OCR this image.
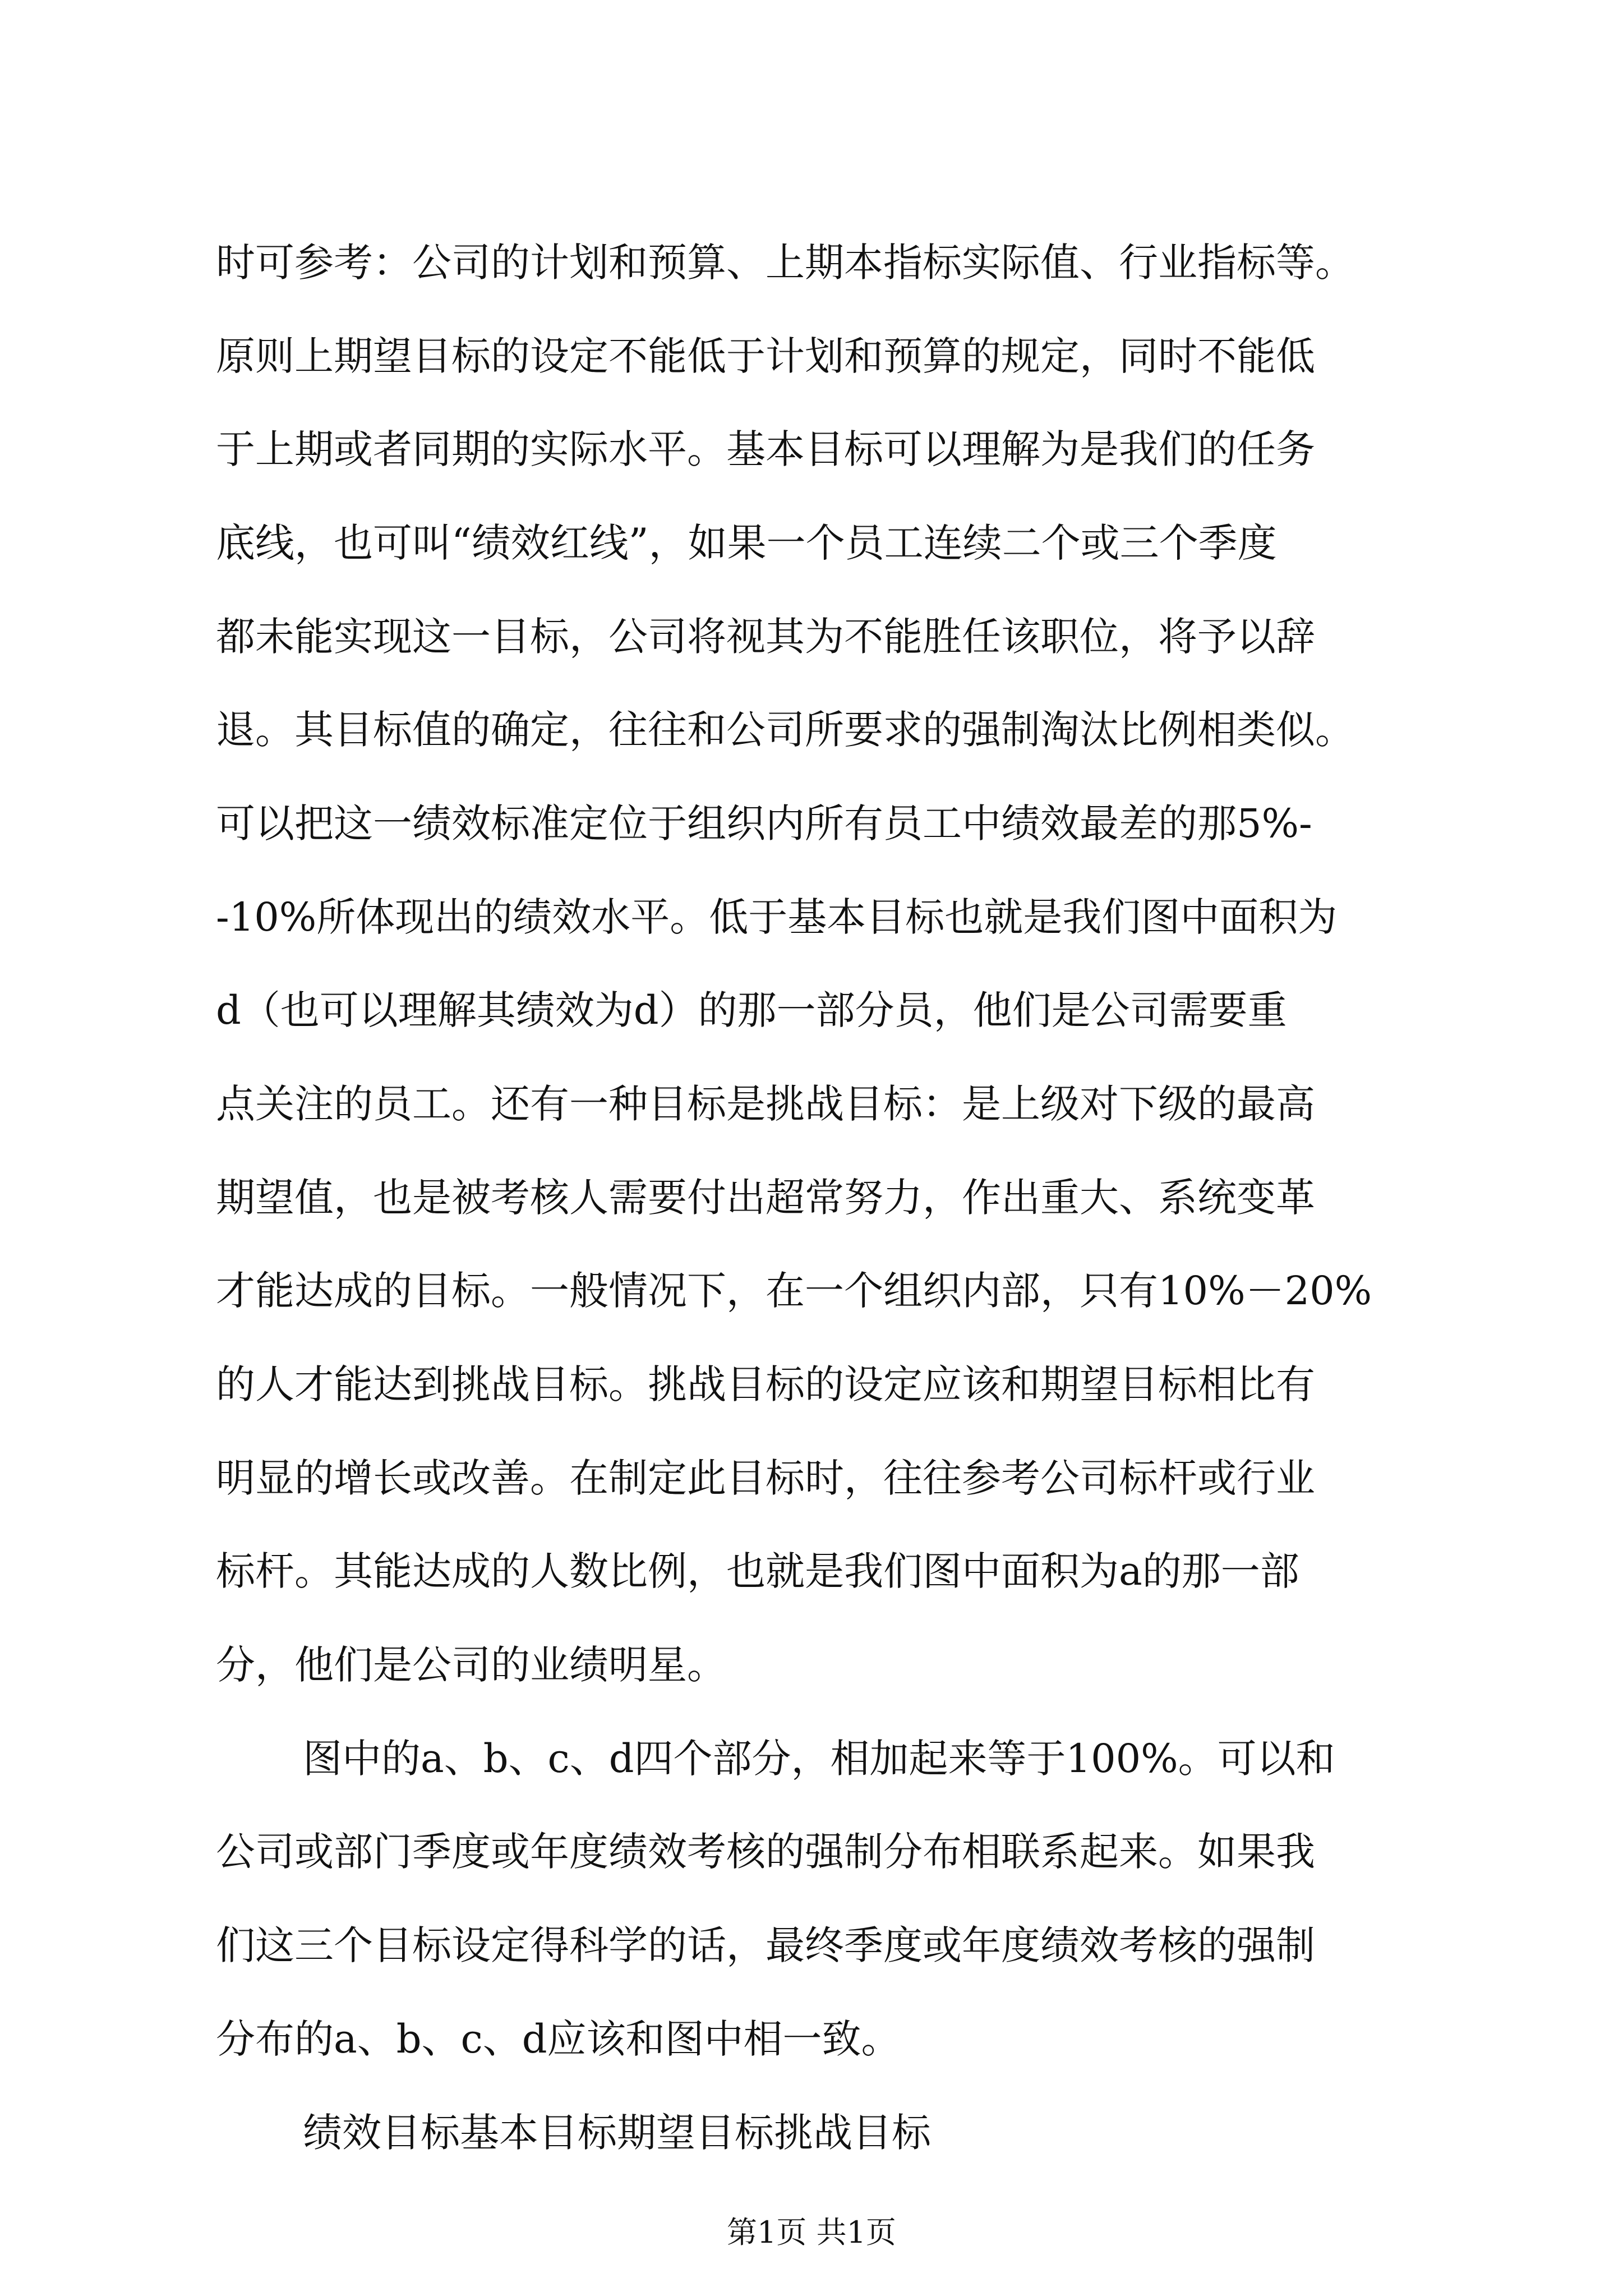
时可参考：公司的计划和预算、上期本指标实际值、行业指标等。
原则上期望目标的设定不能低于计划和预算的规定，同时不能低
于上期或者同期的实际水平。基本目标可以理解为是我们的任务
底线，也可叫“绩效红线”，如果一个员工连续二个或三个季度
都未能实现这一目标，公司将视其为不能胜任该职位，将予以辞
退。其目标值的确定，往往和公司所要求的强制淘汰比例相类似。
可以把这一绩效标准定位于组织内所有员工中绩效最差的那5%-
-10%所体现出的绩效水平。低于基本目标也就是我们图中面积为
d（也可以理解其绩效为d）的那一部分员，他们是公司需要重
点关注的员工。还有一种目标是挑战目标：是上级对下级的最高
期望值，也是被考核人需要付出超常努力，作出重大、系统变革
才能达成的目标。一般情况下，在一个组织内部，只有10%－20%
的人才能达到挑战目标。挑战目标的设定应该和期望目标相比有
明显的增长或改善。在制定此目标时，往往参考公司标杆或行业
标杆。其能达成的人数比例，也就是我们图中面积为a的那一部
分，他们是公司的业绩明星。
图中的a、b、c、d四个部分，相加起来等于100%。可以和
公司或部门季度或年度绩效考核的强制分布相联系起来。如果我
们这三个目标设定得科学的话，最终季度或年度绩效考核的强制
分布的a、b、c、d应该和图中相一致。
第1页 共1页
绩效目标基本目标期望目标挑战目标
